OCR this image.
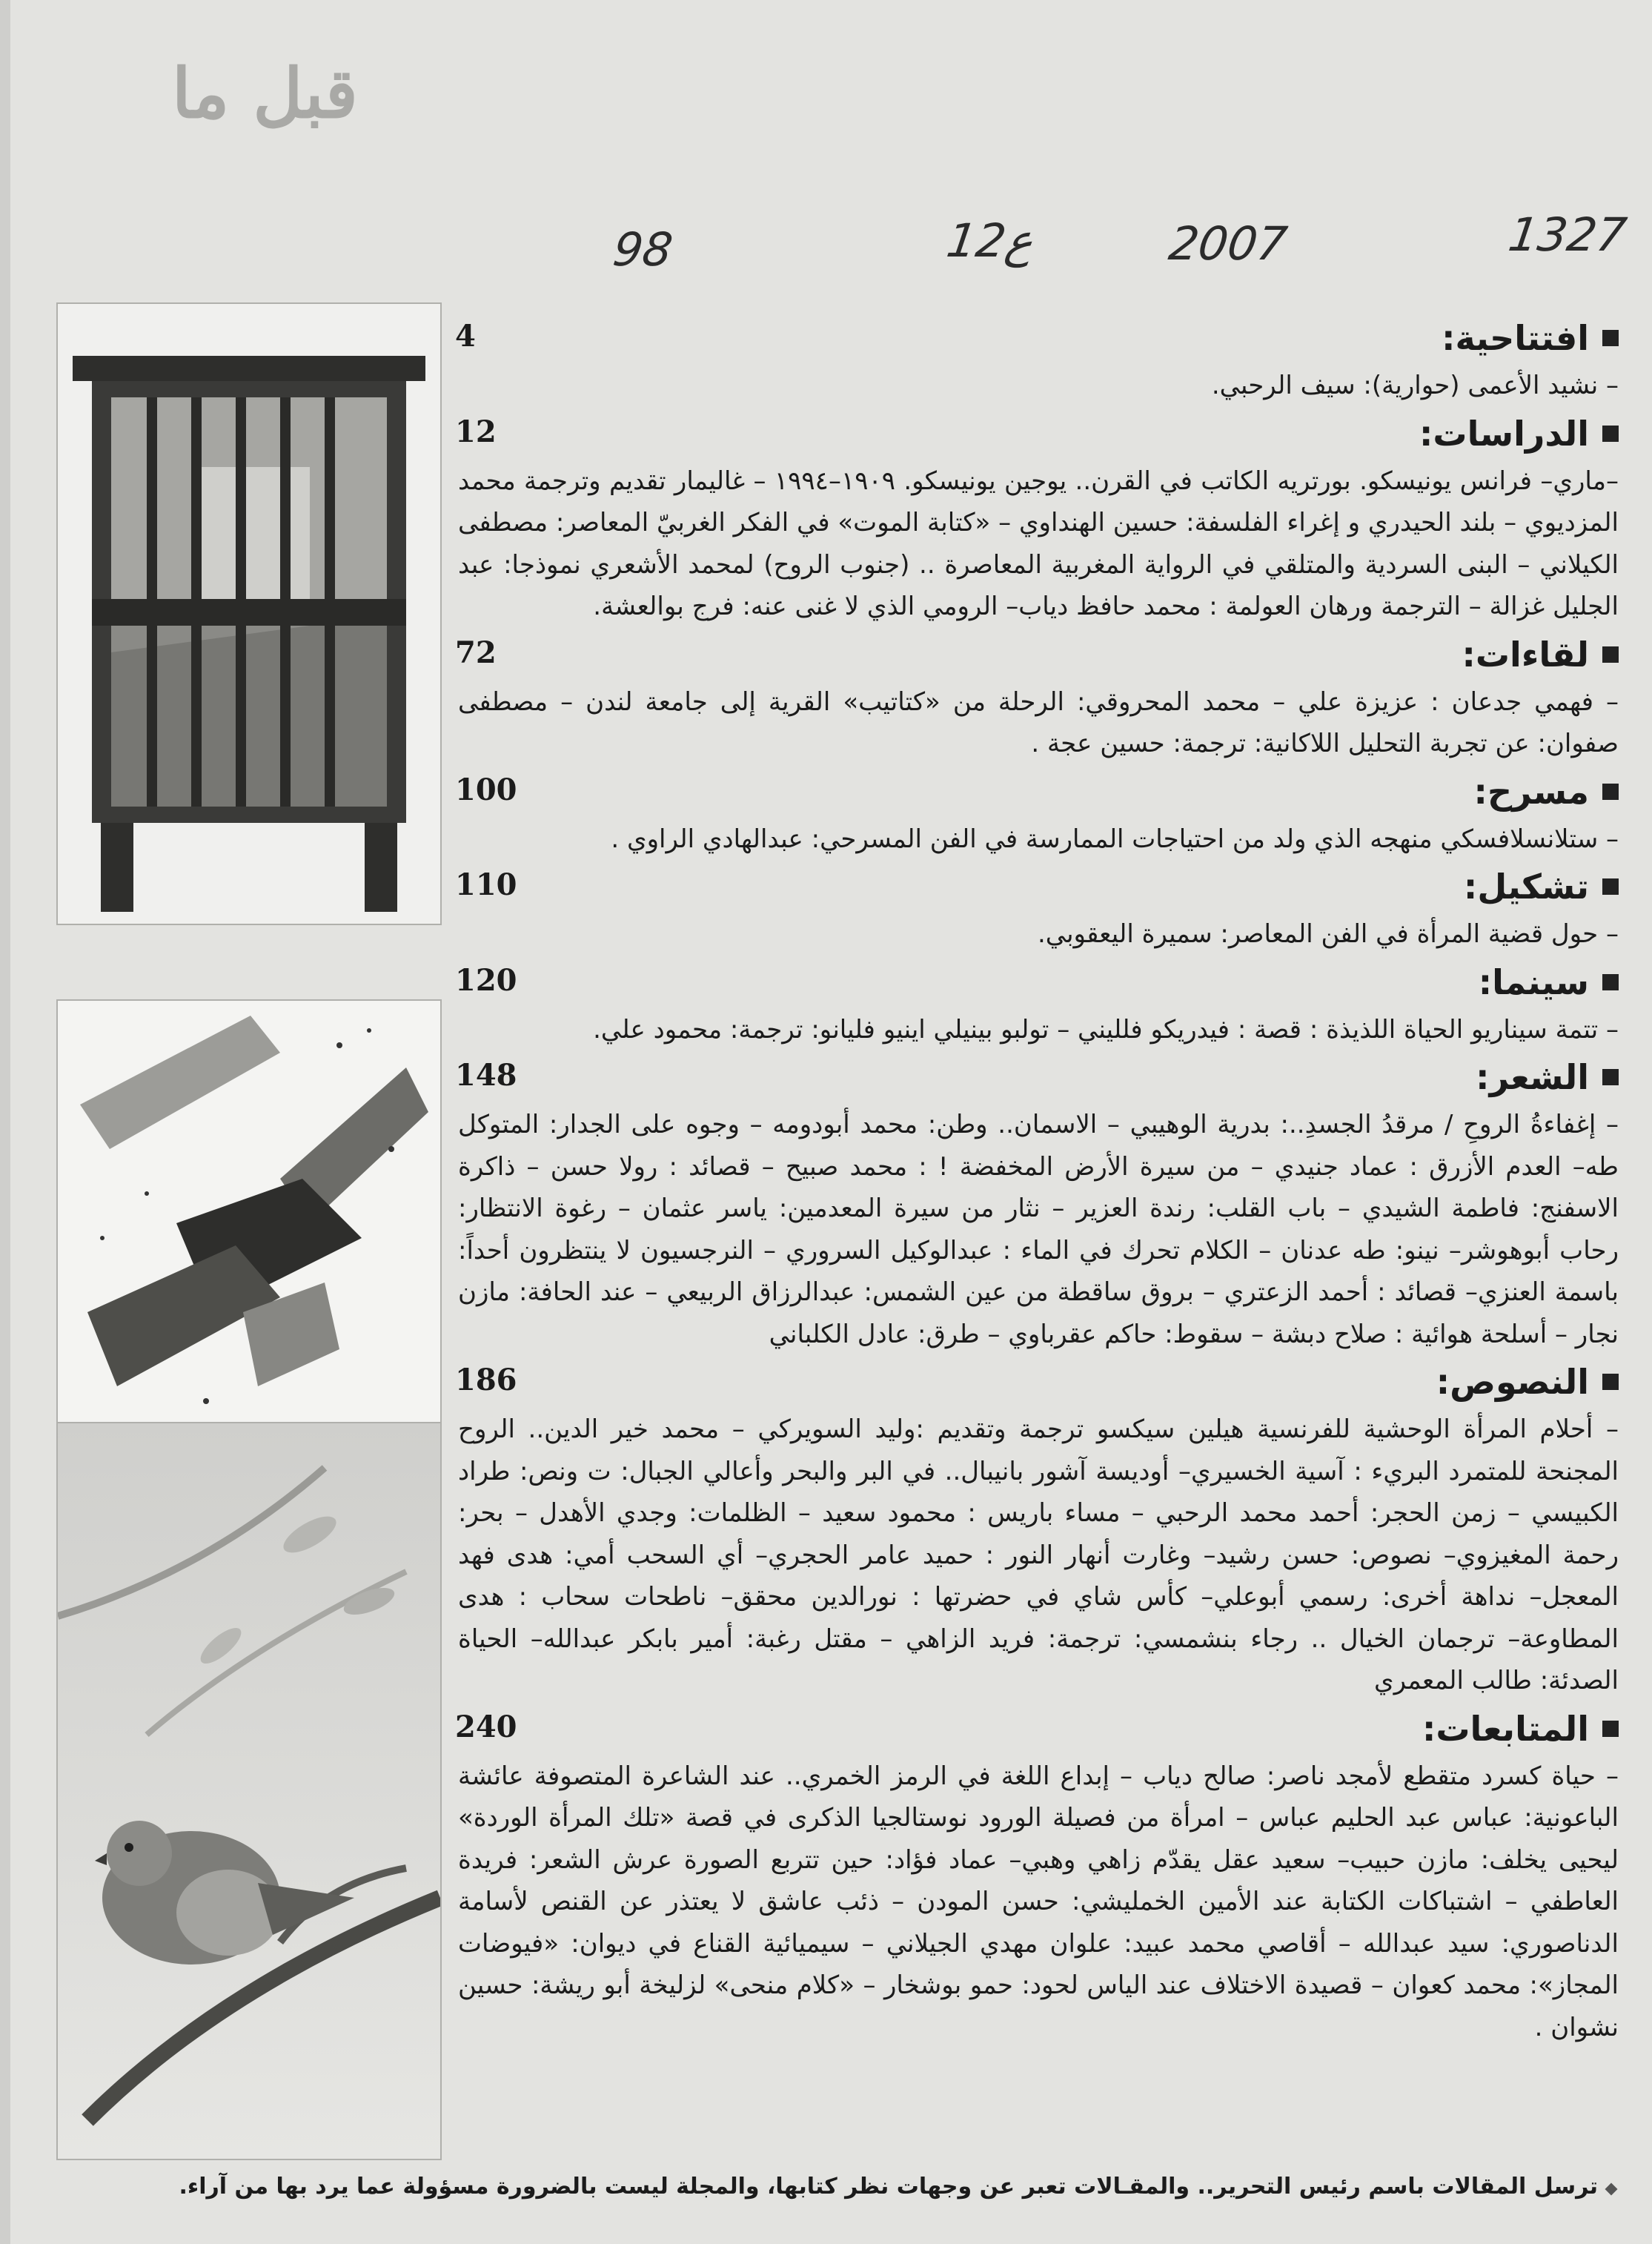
قبل ما
1327
2007
12ع
98
افتتاحية:
4
– نشيد الأعمى (حوارية): سيف الرحبي.
الدراسات:
12
–ماري– فرانس يونيسكو. بورتريه الكاتب في القرن.. يوجين يونيسكو. ١٩٠٩–١٩٩٤ – غاليمار تقديم وترجمة محمد المزديوي – بلند الحيدري و إغراء الفلسفة: حسين الهنداوي – «كتابة الموت» في الفكر الغربيّ المعاصر: مصطفى الكيلاني – البنى السردية والمتلقي في الرواية المغربية المعاصرة .. (جنوب الروح) لمحمد الأشعري نموذجا: عبد الجليل غزالة – الترجمة ورهان العولمة : محمد حافظ دياب– الرومي الذي لا غنى عنه: فرج بوالعشة.
لقاءات:
72
– فهمي جدعان : عزيزة علي – محمد المحروقي: الرحلة من «كتاتيب» القرية إلى جامعة لندن – مصطفى صفوان: عن تجربة التحليل اللاكانية: ترجمة: حسين عجة .
مسرح:
100
– ستلانسلافسكي منهجه الذي ولد من احتياجات الممارسة في الفن المسرحي: عبدالهادي الراوي .
تشكيل:
110
– حول قضية المرأة في الفن المعاصر: سميرة اليعقوبي.
سينما:
120
– تتمة سيناريو الحياة اللذيذة : قصة : فيدريكو فلليني – تولبو بينيلي اينيو فليانو: ترجمة: محمود علي.
الشعر:
148
– إغفاءةُ الروحِ / مرقدُ الجسدِ..: بدرية الوهيبي – الاسمان.. وطن: محمد أبودومه – وجوه على الجدار: المتوكل طه– العدم الأزرق : عماد جنيدي – من سيرة الأرض المخفضة ! : محمد صبيح – قصائد : رولا حسن – ذاكرة الاسفنج: فاطمة الشيدي – باب القلب: رندة العزير – نثار من سيرة المعدمين: ياسر عثمان – رغوة الانتظار: رحاب أبوهوشر– نينو: طه عدنان – الكلام تحرك في الماء : عبدالوكيل السروري – النرجسيون لا ينتظرون أحداً: باسمة العنزي– قصائد : أحمد الزعتري – بروق ساقطة من عين الشمس: عبدالرزاق الربيعي – عند الحافة: مازن نجار – أسلحة هوائية : صلاح دبشة – سقوط: حاكم عقرباوي – طرق: عادل الكلباني
النصوص:
186
– أحلام المرأة الوحشية للفرنسية هيلين سيكسو ترجمة وتقديم :وليد السويركي – محمد خير الدين.. الروح المجنحة للمتمرد البريء : آسية الخسيري– أوديسة آشور بانيبال.. في البر والبحر وأعالي الجبال: ت ونص: طراد الكبيسي – زمن الحجر: أحمد محمد الرحبي – مساء باريس : محمود سعيد – الظلمات: وجدي الأهدل – بحر: رحمة المغيزوي– نصوص: حسن رشيد– وغارت أنهار النور : حميد عامر الحجري– أي السحب أمي: هدى فهد المعجل– نداهة أخرى: رسمي أبوعلي– كأس شاي في حضرتها : نورالدين محقق– ناطحات سحاب : هدى المطاوعة– ترجمان الخيال .. رجاء بنشمسي: ترجمة: فريد الزاهي – مقتل رغبة: أمير بابكر عبدالله– الحياة الصدئة: طالب المعمري
المتابعات:
240
– حياة كسرد متقطع لأمجد ناصر: صالح دياب – إبداع اللغة في الرمز الخمري.. عند الشاعرة المتصوفة عائشة الباعونية: عباس عبد الحليم عباس – امرأة من فصيلة الورود نوستالجيا الذكرى في قصة «تلك المرأة الوردة» ليحيى يخلف: مازن حبيب– سعيد عقل يقدّم زاهي وهبي– عماد فؤاد: حين تتربع الصورة عرش الشعر: فريدة العاطفي – اشتباكات الكتابة عند الأمين الخمليشي: حسن المودن – ذئب عاشق لا يعتذر عن القنص لأسامة الدناصوري: سيد عبدالله – أقاصي محمد عبيد: علوان مهدي الجيلاني – سيميائية القناع في ديوان: «فيوضات المجاز»: محمد كعوان – قصيدة الاختلاف عند الياس لحود: حمو بوشخار – «كلام منحى» لزليخة أبو ريشة: حسين نشوان .
ترسل المقالات باسم رئيس التحرير.. والمقـالات تعبر عن وجهات نظر كتابها، والمجلة ليست بالضرورة مسؤولة عما يرد بها من آراء.
